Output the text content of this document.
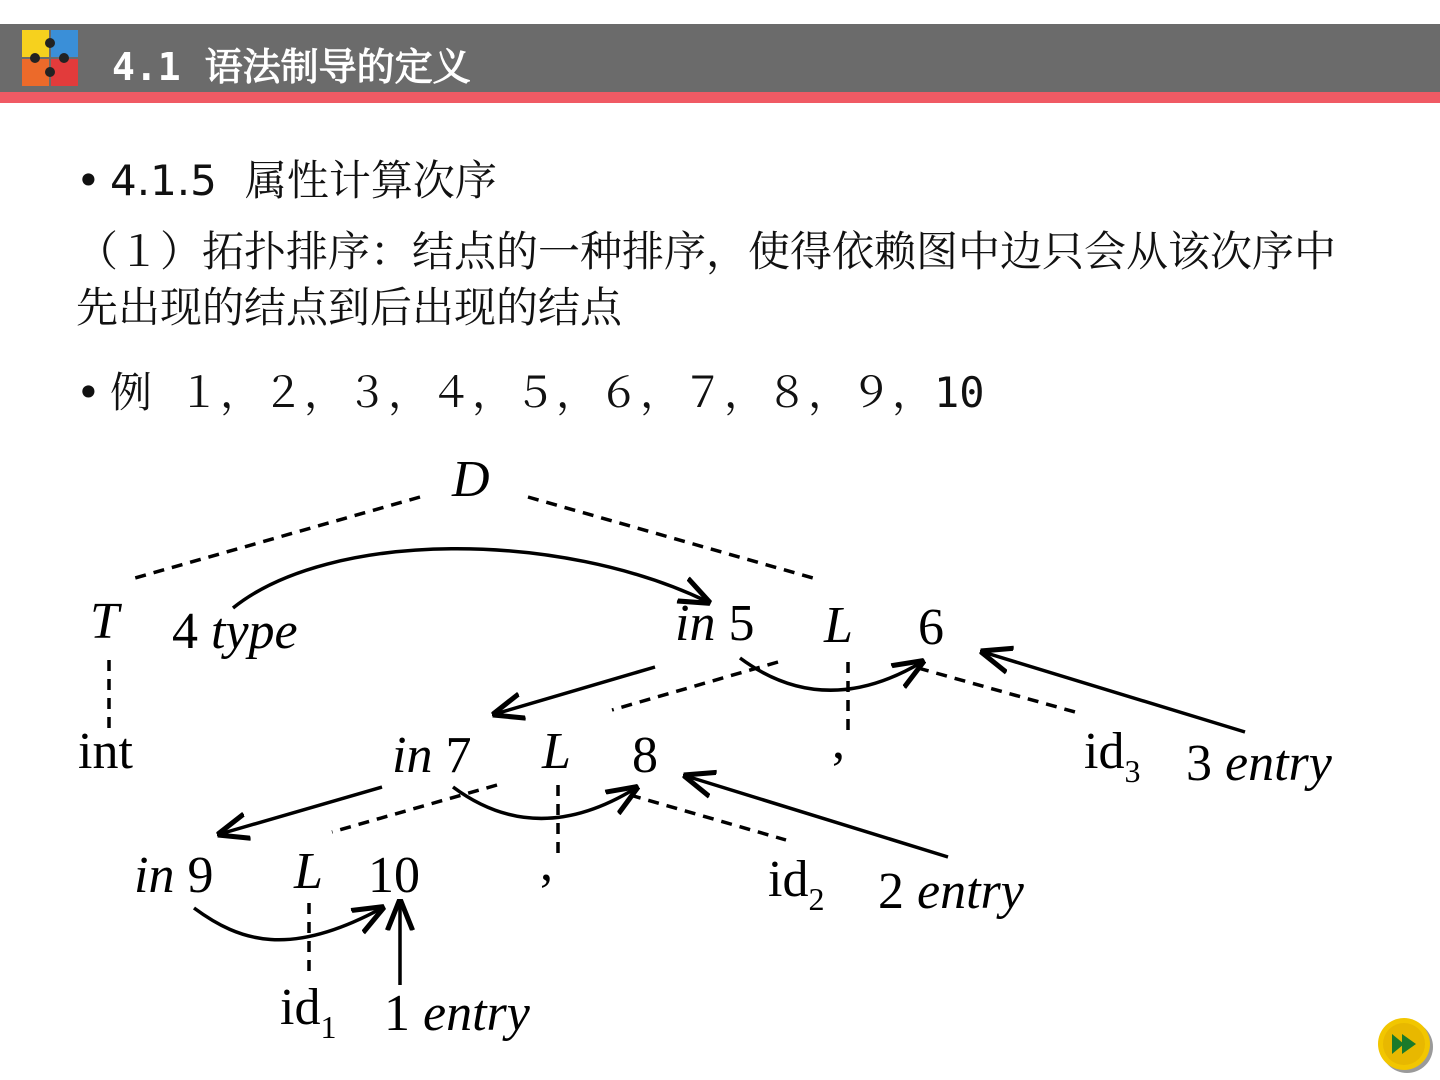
4.1 语法制导的定义
• 4.1.5 属性计算次序
（１）拓扑排序：结点的一种排序，使得依赖图中边只会从该次序中先出现的结点到后出现的结点
• 例 １，２，３，４，５，６，７，８，９，10
D
T 4 type
int
in 5 L 6
in 7 L 8	,	$id_3$ 3 entry
in 9 L 10 ,	$id_2$ 2 entry
$id_1$ 1 entry
